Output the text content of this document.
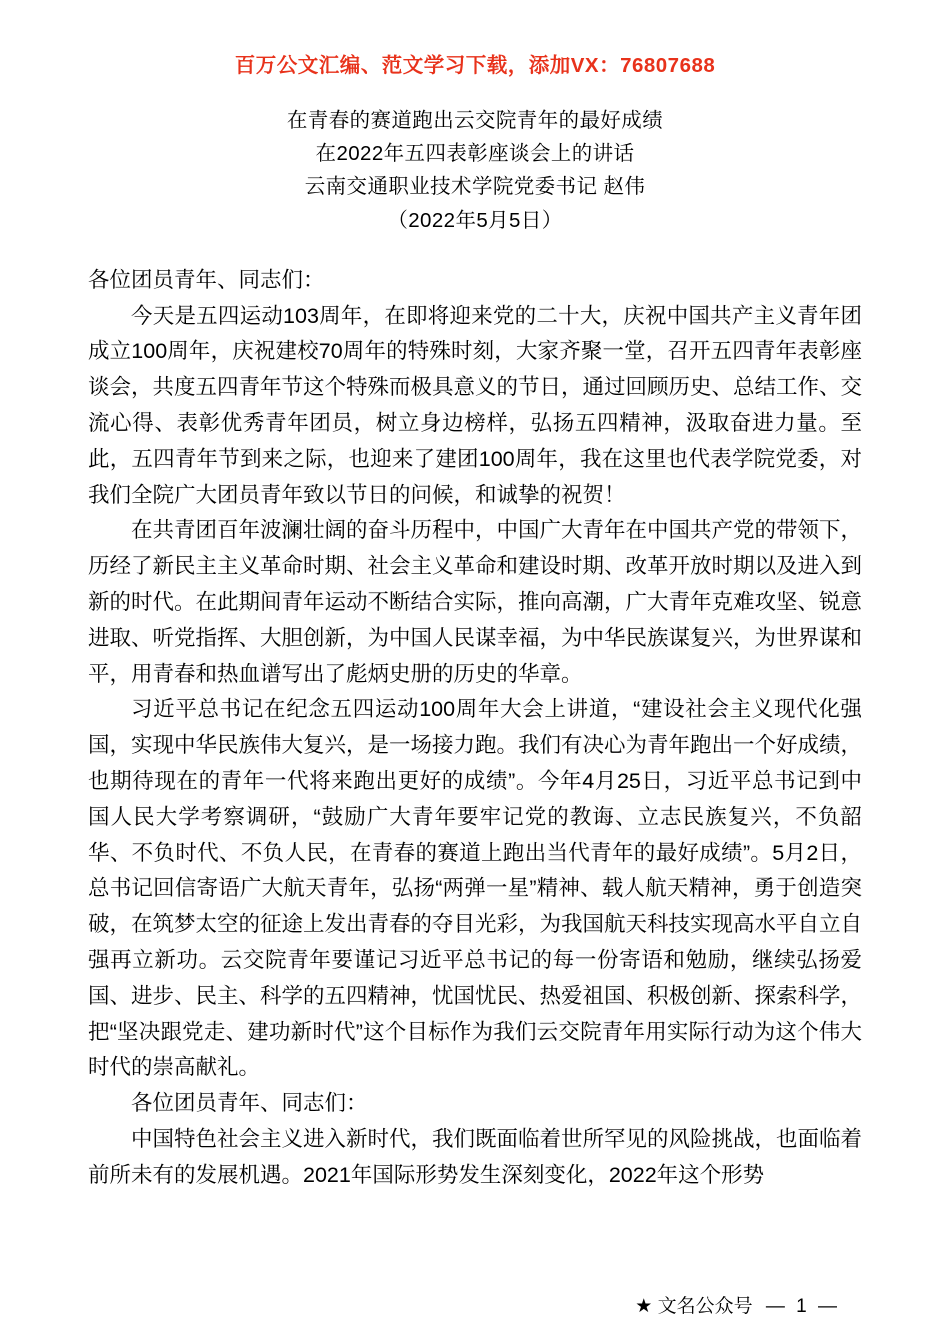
百万公文汇编、范文学习下载，添加VX：76807688
在青春的赛道跑出云交院青年的最好成绩
在2022年五四表彰座谈会上的讲话
云南交通职业技术学院党委书记 赵伟
（2022年5月5日）

各位团员青年、同志们：

今天是五四运动103周年，在即将迎来党的二十大，庆祝中国共产主义青年团成立100周年，庆祝建校70周年的特殊时刻，大家齐聚一堂，召开五四青年表彰座谈会，共度五四青年节这个特殊而极具意义的节日，通过回顾历史、总结工作、交流心得、表彰优秀青年团员，树立身边榜样，弘扬五四精神，汲取奋进力量。至此，五四青年节到来之际，也迎来了建团100周年，我在这里也代表学院党委，对我们全院广大团员青年致以节日的问候，和诚挚的祝贺！

在共青团百年波澜壮阔的奋斗历程中，中国广大青年在中国共产党的带领下，历经了新民主主义革命时期、社会主义革命和建设时期、改革开放时期以及进入到新的时代。在此期间青年运动不断结合实际，推向高潮，广大青年克难攻坚、锐意进取、听党指挥、大胆创新，为中国人民谋幸福，为中华民族谋复兴，为世界谋和平，用青春和热血谱写出了彪炳史册的历史的华章。

习近平总书记在纪念五四运动100周年大会上讲道，“建设社会主义现代化强国，实现中华民族伟大复兴，是一场接力跑。我们有决心为青年跑出一个好成绩，也期待现在的青年一代将来跑出更好的成绩”。今年4月25日，习近平总书记到中国人民大学考察调研，“鼓励广大青年要牢记党的教诲、立志民族复兴，不负韶华、不负时代、不负人民，在青春的赛道上跑出当代青年的最好成绩”。5月2日，总书记回信寄语广大航天青年，弘扬“两弹一星”精神、载人航天精神，勇于创造突破，在筑梦太空的征途上发出青春的夺目光彩，为我国航天科技实现高水平自立自强再立新功。云交院青年要谨记习近平总书记的每一份寄语和勉励，继续弘扬爱国、进步、民主、科学的五四精神，忧国忧民、热爱祖国、积极创新、探索科学，把“坚决跟党走、建功新时代”这个目标作为我们云交院青年用实际行动为这个伟大时代的崇高献礼。

各位团员青年、同志们：

中国特色社会主义进入新时代，我们既面临着世所罕见的风险挑战，也面临着前所未有的发展机遇。2021年国际形势发生深刻变化，2022年这个形势

★ 文名公众号 — 1 —
